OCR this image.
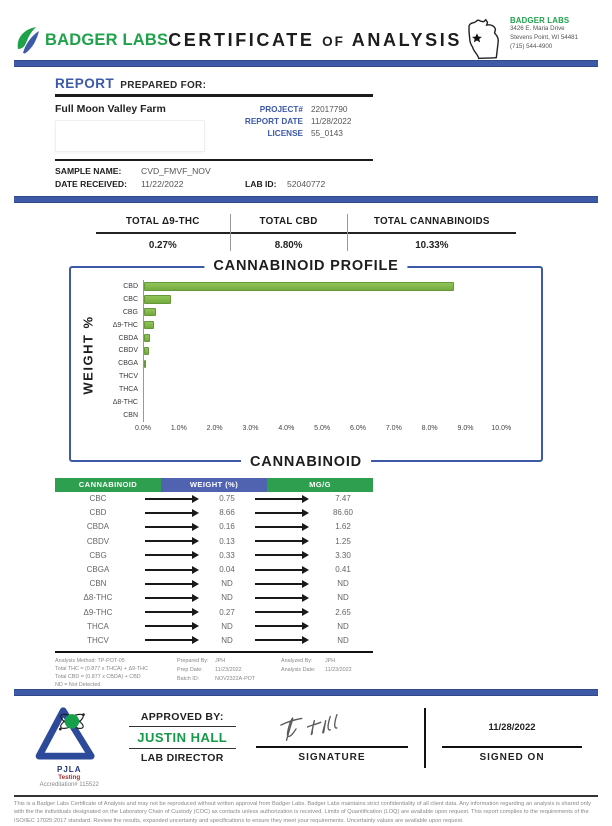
BADGER LABS CERTIFICATE OF ANALYSIS
BADGER LABS
3426 E. Maria Drive
Stevens Point, WI 54481
(715) 544-4900
REPORT PREPARED FOR:
Full Moon Valley Farm	PROJECT# 22017790
REPORT DATE 11/28/2022
LICENSE 55_0143
SAMPLE NAME:	CVD_FMVF_NOV
DATE RECEIVED:	11/22/2022	LAB ID:	52040772
TOTAL Δ9-THC
0.27%
TOTAL CBD
8.80%
TOTAL CANNABINOIDS
10.33%
CANNABINOID PROFILE
WEIGHT %
CBD
CBC
CBG
Δ9-THC
CBDA
CBDV
CBGA
THCV
THCA
Δ8-THC
CBN
0.0%	1.0%	2.0%	3.0%	4.0%	5.0%	6.0%	7.0%	8.0%	9.0%	10.0%
CANNABINOID
CANNABINOID	WEIGHT (%)	MG/G
CBC	0.75	7.47
CBD	8.66	86.60
CBDA	0.16	1.62
CBDV	0.13	1.25
CBG	0.33	3.30
CBGA	0.04	0.41
CBN	ND	ND
Δ8-THC	ND	ND
Δ9-THC	0.27	2.65
THCA	ND	ND
THCV	ND	ND
Analysis Method: TP-POT-05
Total THC = (0.877 x THCA) + Δ9-THC
Total CBD = (0.877 x CBDA) + CBD
ND = Not Detected
Prepared By:	JPH
Prep Date:	11/23/2022
Batch ID:	NOV2322A-POT
Analyzed By:	JPH
Analysis Date:	11/23/2022
PJLA
Testing
Accreditation# 115522
APPROVED BY:
JUSTIN HALL
LAB DIRECTOR	SIGNATURE
11/28/2022
SIGNED ON
This is a Badger Labs Certificate of Analysis and may not be reproduced without written approval from Badger Labs. Badger Labs maintains strict confidentiality of all client data. Any information regarding an analysis is shared only with the the individuals designated on the Laboratory Chain of Custody (COC) as contacts unless authorization is received. Limits of Quantification (LOQ) are available upon request. This report complies to the requirements of the ISO/IEC 17025:2017 standard. Review the results, expanded uncertainty and specifications to ensure they meet your requirements. Uncertainty values are available upon request.
